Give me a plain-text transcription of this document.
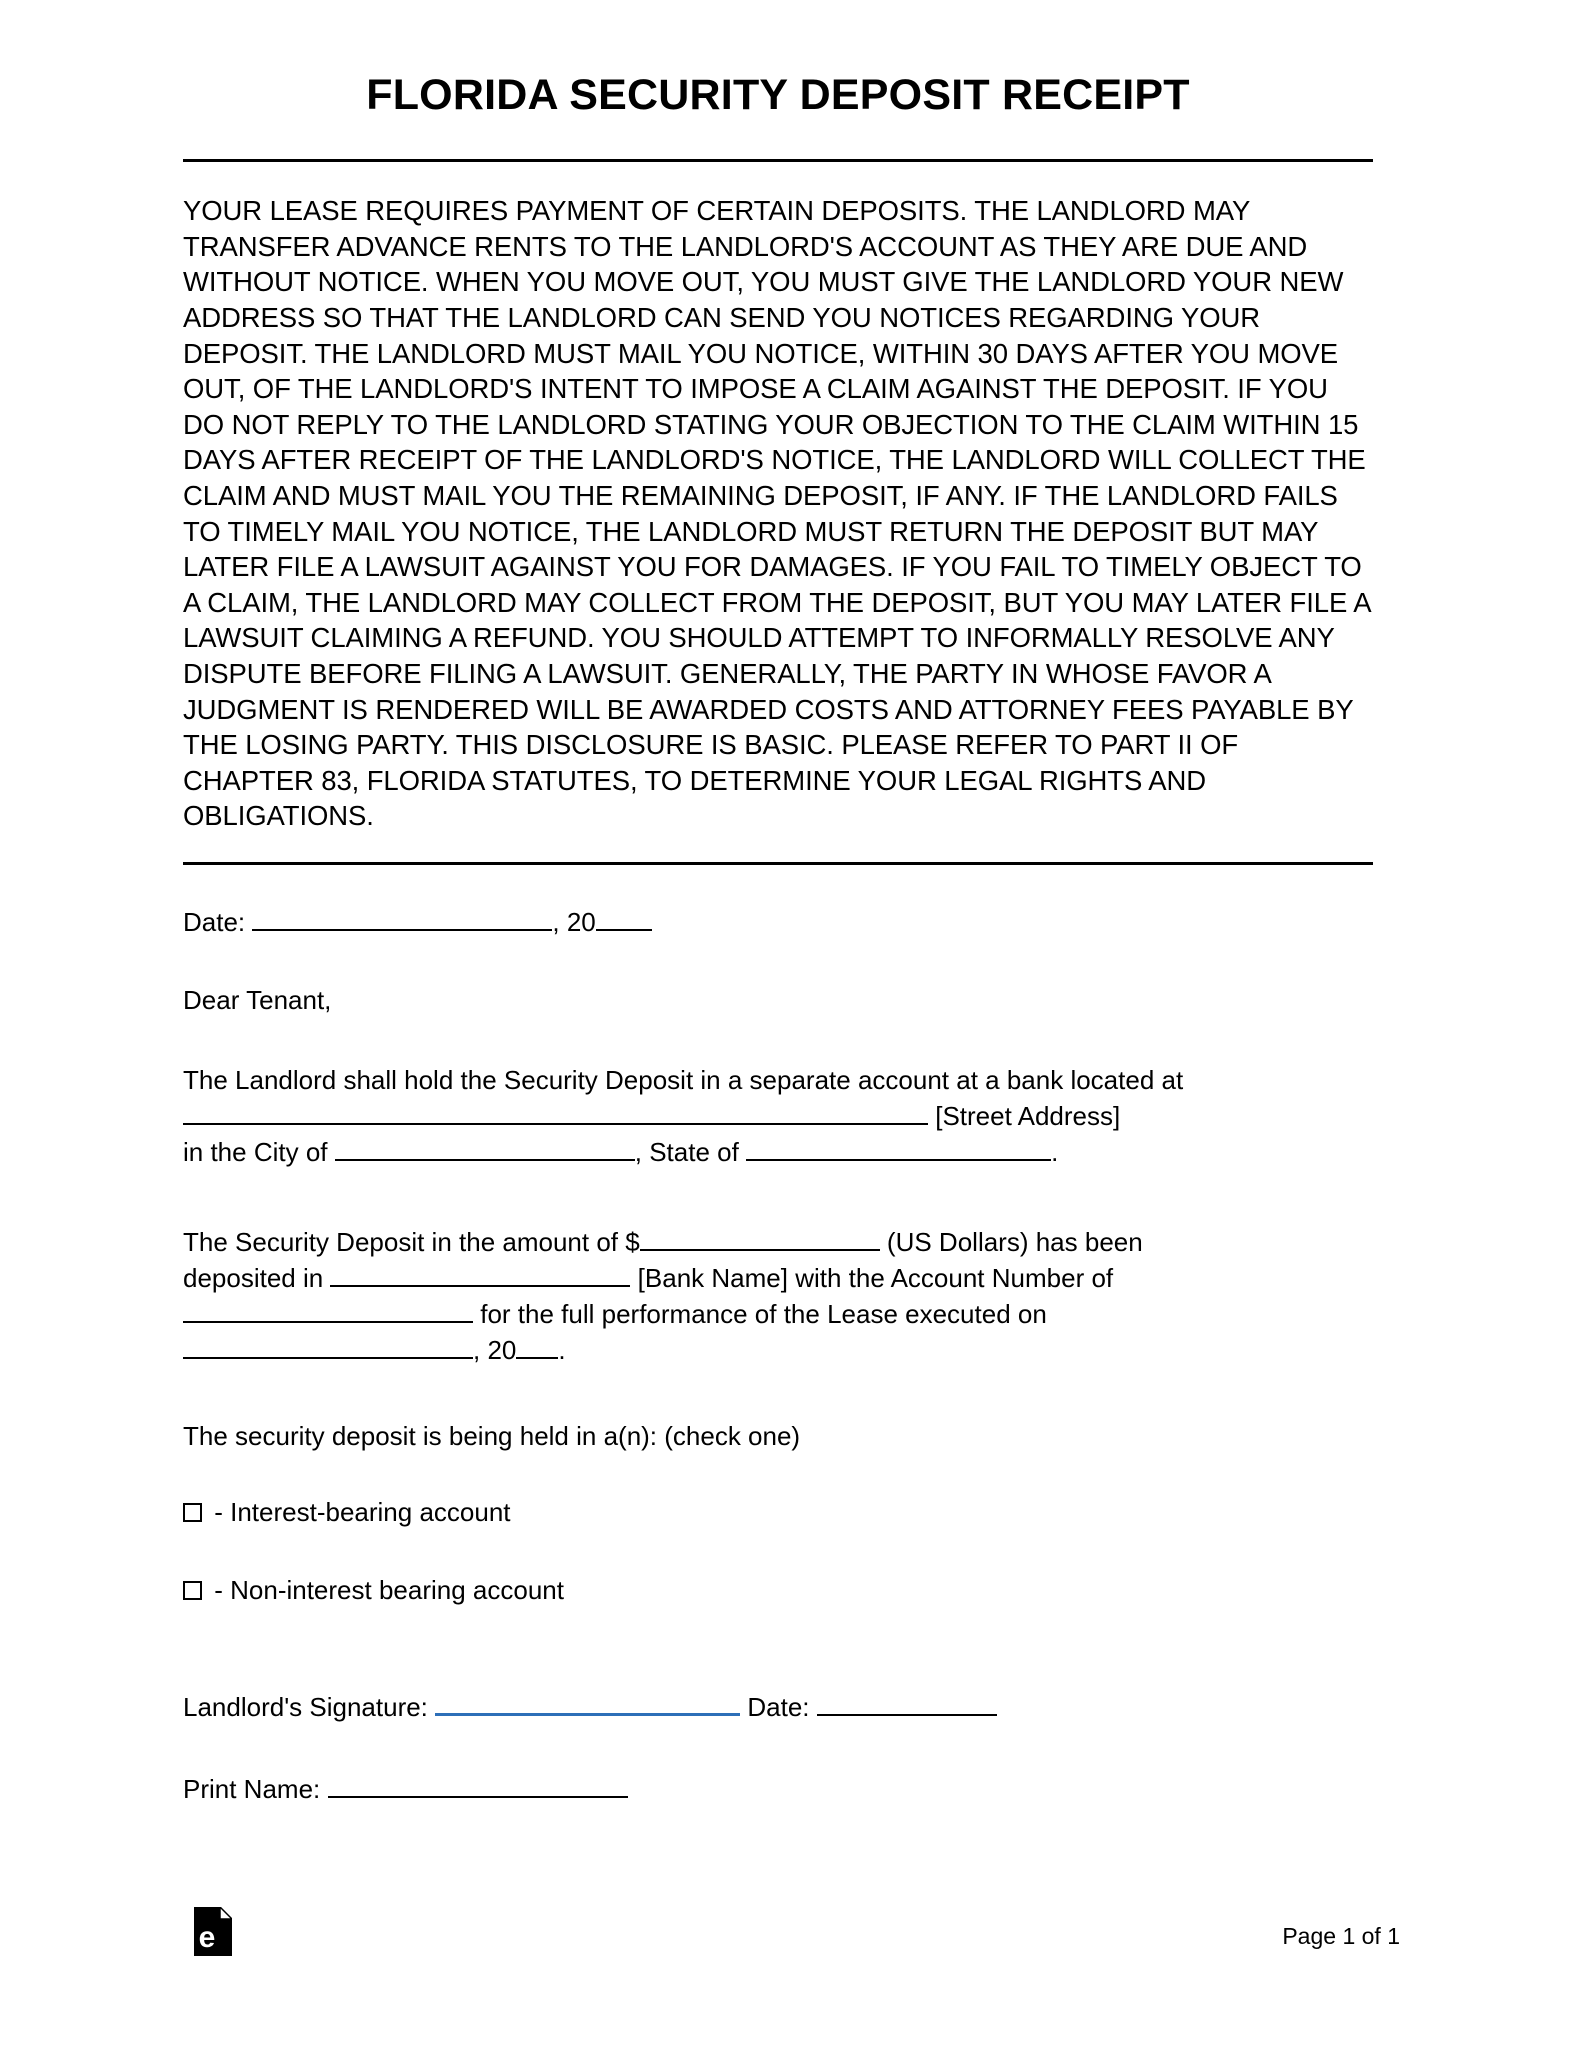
FLORIDA SECURITY DEPOSIT RECEIPT
YOUR LEASE REQUIRES PAYMENT OF CERTAIN DEPOSITS. THE LANDLORD MAY TRANSFER ADVANCE RENTS TO THE LANDLORD'S ACCOUNT AS THEY ARE DUE AND WITHOUT NOTICE. WHEN YOU MOVE OUT, YOU MUST GIVE THE LANDLORD YOUR NEW ADDRESS SO THAT THE LANDLORD CAN SEND YOU NOTICES REGARDING YOUR DEPOSIT. THE LANDLORD MUST MAIL YOU NOTICE, WITHIN 30 DAYS AFTER YOU MOVE OUT, OF THE LANDLORD'S INTENT TO IMPOSE A CLAIM AGAINST THE DEPOSIT. IF YOU DO NOT REPLY TO THE LANDLORD STATING YOUR OBJECTION TO THE CLAIM WITHIN 15 DAYS AFTER RECEIPT OF THE LANDLORD'S NOTICE, THE LANDLORD WILL COLLECT THE CLAIM AND MUST MAIL YOU THE REMAINING DEPOSIT, IF ANY. IF THE LANDLORD FAILS TO TIMELY MAIL YOU NOTICE, THE LANDLORD MUST RETURN THE DEPOSIT BUT MAY LATER FILE A LAWSUIT AGAINST YOU FOR DAMAGES. IF YOU FAIL TO TIMELY OBJECT TO A CLAIM, THE LANDLORD MAY COLLECT FROM THE DEPOSIT, BUT YOU MAY LATER FILE A LAWSUIT CLAIMING A REFUND. YOU SHOULD ATTEMPT TO INFORMALLY RESOLVE ANY DISPUTE BEFORE FILING A LAWSUIT. GENERALLY, THE PARTY IN WHOSE FAVOR A JUDGMENT IS RENDERED WILL BE AWARDED COSTS AND ATTORNEY FEES PAYABLE BY THE LOSING PARTY. THIS DISCLOSURE IS BASIC. PLEASE REFER TO PART II OF CHAPTER 83, FLORIDA STATUTES, TO DETERMINE YOUR LEGAL RIGHTS AND OBLIGATIONS.
Date:
	, 20
Dear Tenant,
The Landlord shall hold the Security Deposit in a separate account at a bank located at

[Street Address]
in the City of
	, State of
	.
The Security Deposit in the amount of $	(US Dollars) has been
deposited in	[Bank Name] with the Account Number of
for the full performance of the Lease executed on
, 20 .
The security deposit is being held in a(n): (check one)

- Interest-bearing account

- Non-interest bearing account
Landlord's Signature:

	Date:

Print Name:

e	Page 1 of 1
